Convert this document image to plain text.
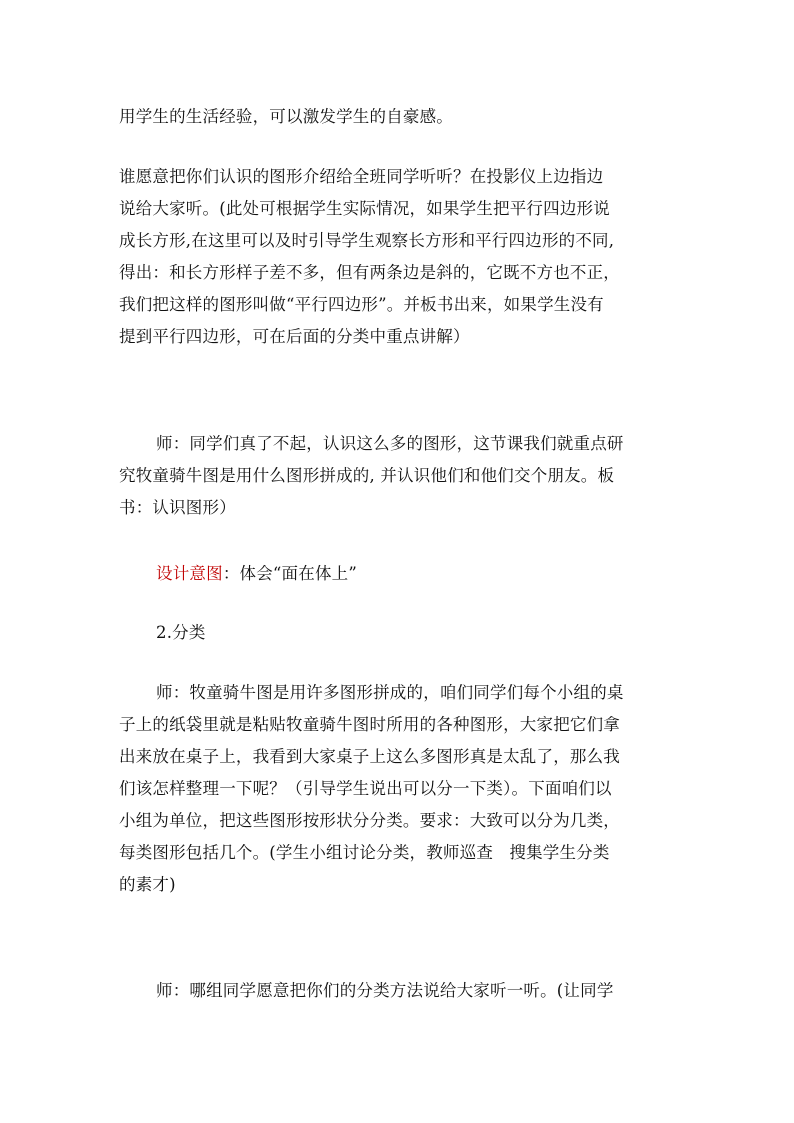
用学生的生活经验，可以激发学生的自豪感。

谁愿意把你们认识的图形介绍给全班同学听听？在投影仪上边指边
说给大家听。(此处可根据学生实际情况，如果学生把平行四边形说
成长方形,在这里可以及时引导学生观察长方形和平行四边形的不同,
得出：和长方形样子差不多，但有两条边是斜的，它既不方也不正，
我们把这样的图形叫做“平行四边形”。并板书出来，如果学生没有
提到平行四边形，可在后面的分类中重点讲解）

师：同学们真了不起，认识这么多的图形，这节课我们就重点研
究牧童骑牛图是用什么图形拼成的, 并认识他们和他们交个朋友。板
书：认识图形）

设计意图：体会“面在体上”

2.分类

师：牧童骑牛图是用许多图形拼成的，咱们同学们每个小组的桌
子上的纸袋里就是粘贴牧童骑牛图时所用的各种图形，大家把它们拿
出来放在桌子上，我看到大家桌子上这么多图形真是太乱了，那么我
们该怎样整理一下呢？（引导学生说出可以分一下类）。下面咱们以
小组为单位，把这些图形按形状分分类。要求：大致可以分为几类，
每类图形包括几个。(学生小组讨论分类，教师巡查   搜集学生分类
的素才)

师：哪组同学愿意把你们的分类方法说给大家听一听。(让同学
